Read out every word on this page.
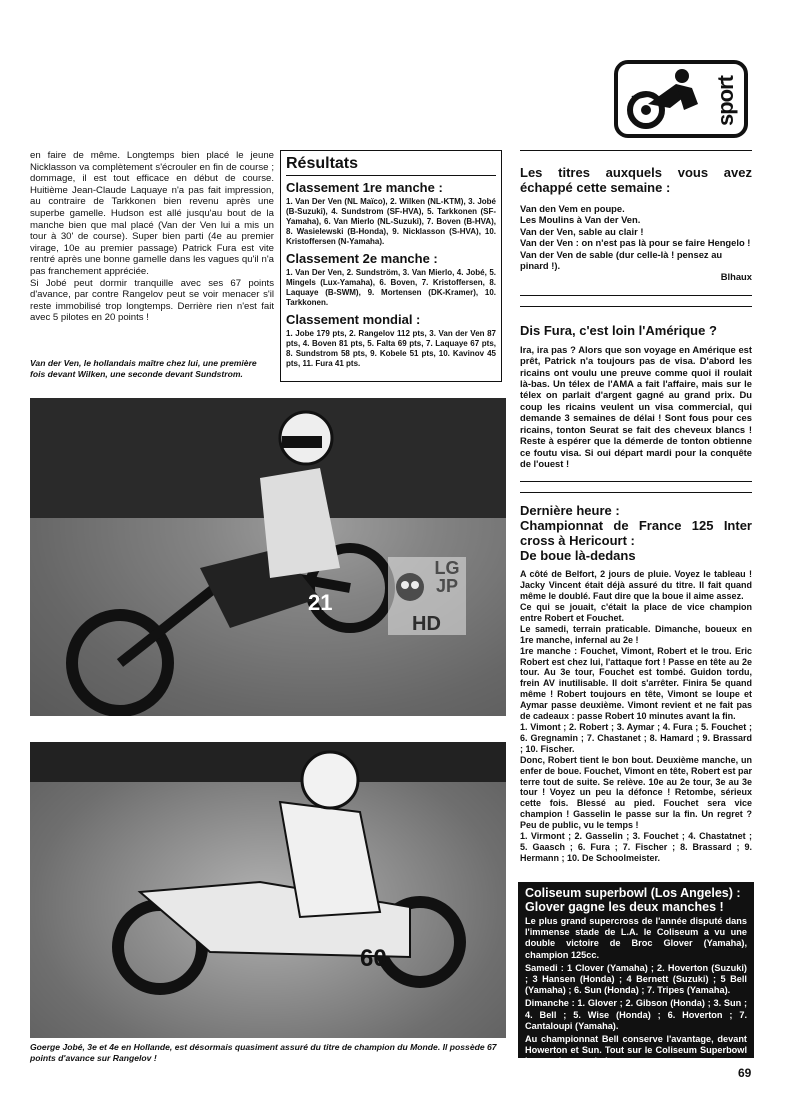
sport

en faire de même. Longtemps bien placé le jeune Nicklasson va complètement s'écrouler en fin de course ; dommage, il est tout efficace en début de course. Huitième Jean-Claude Laquaye n'a pas fait impression, au contraire de Tarkkonen bien revenu après une superbe gamelle. Hudson est allé jusqu'au bout de la manche bien que mal placé (Van der Ven lui a mis un tour à 30' de course). Super bien parti (4e au premier virage, 10e au premier passage) Patrick Fura est vite rentré après une bonne gamelle dans les vagues qu'il n'a pas franchement appréciée.

Si Jobé peut dormir tranquille avec ses 67 points d'avance, par contre Rangelov peut se voir menacer s'il reste immobilisé trop longtemps. Derrière rien n'est fait avec 5 pilotes en 20 points !

Van der Ven, le hollandais maître chez lui, une première fois devant Wilken, une seconde devant Sundstrom.
Résultats
Classement 1re manche :
1. Van Der Ven (NL Maïco), 2. Wilken (NL-KTM), 3. Jobé (B-Suzuki), 4. Sundstrom (SF-HVA), 5. Tarkkonen (SF-Yamaha), 6. Van Mierlo (NL-Suzuki), 7. Boven (B-HVA), 8. Wasielewski (B-Honda), 9. Nicklasson (S-HVA), 10. Kristoffersen (N-Yamaha).
Classement 2e manche :
1. Van Der Ven, 2. Sundström, 3. Van Mierlo, 4. Jobé, 5. Mingels (Lux-Yamaha), 6. Boven, 7. Kristoffersen, 8. Laquaye (B-SWM), 9. Mortensen (DK-Kramer), 10. Tarkkonen.
Classement mondial :
1. Jobe 179 pts, 2. Rangelov 112 pts, 3. Van der Ven 87 pts, 4. Boven 81 pts, 5. Falta 69 pts, 7. Laquaye 67 pts, 8. Sundstrom 58 pts, 9. Kobele 51 pts, 10. Kavinov 45 pts, 11. Fura 41 pts.
21
LG
JP
HD
60
Goerge Jobé, 3e et 4e en Hollande, est désormais quasiment assuré du titre de champion du Monde. Il possède 67 points d'avance sur Rangelov !
Les titres auxquels vous avez échappé cette semaine :
Van den Vem en poupe.
Les Moulins à Van der Ven.
Van der Ven, sable au clair !
Van der Ven : on n'est pas là pour se faire Hengelo !
Van der Ven de sable (dur celle-là ! pensez au pinard !).
Blhaux
Dis Fura, c'est loin l'Amérique ?
Ira, ira pas ? Alors que son voyage en Amérique est prêt, Patrick n'a toujours pas de visa. D'abord les ricains ont voulu une preuve comme quoi il roulait là-bas. Un télex de l'AMA a fait l'affaire, mais sur le télex on parlait d'argent gagné au grand prix. Du coup les ricains veulent un visa commercial, qui demande 3 semaines de délai ! Sont fous pour ces ricains, tonton Seurat se fait des cheveux blancs ! Reste à espérer que la démerde de tonton obtienne ce foutu visa. Si oui départ mardi pour la conquête de l'ouest !
Dernière heure :
Championnat de France 125 Inter cross à Hericourt :
De boue là-dedans
A côté de Belfort, 2 jours de pluie. Voyez le tableau ! Jacky Vincent était déjà assuré du titre. Il fait quand même le doublé. Faut dire que la boue il aime assez.
Ce qui se jouait, c'était la place de vice champion entre Robert et Fouchet.
Le samedi, terrain praticable. Dimanche, boueux en 1re manche, infernal au 2e !
1re manche : Fouchet, Vimont, Robert et le trou. Eric Robert est chez lui, l'attaque fort ! Passe en tête au 2e tour. Au 3e tour, Fouchet est tombé. Guidon tordu, frein AV inutilisable. Il doit s'arrêter. Finira 5e quand même ! Robert toujours en tête, Vimont se loupe et Aymar passe deuxième. Vimont revient et ne fait pas de cadeaux : passe Robert 10 minutes avant la fin.
1. Vimont ; 2. Robert ; 3. Aymar ; 4. Fura ; 5. Fouchet ; 6. Gregnamin ; 7. Chastanet ; 8. Hamard ; 9. Brassard ; 10. Fischer.
Donc, Robert tient le bon bout. Deuxième manche, un enfer de boue. Fouchet, Vimont en tête, Robert est par terre tout de suite. Se relève. 10e au 2e tour, 3e au 3e tour ! Voyez un peu la défonce ! Retombe, sérieux cette fois. Blessé au pied. Fouchet sera vice champion ! Gasselin le passe sur la fin. Un regret ? Peu de public, vu le temps !
1. Virmont ; 2. Gasselin ; 3. Fouchet ; 4. Chastatnet ; 5. Gaasch ; 6. Fura ; 7. Fischer ; 8. Brassard ; 9. Hermann ; 10. De Schoolmeister.
Coliseum superbowl (Los Angeles) :
Glover gagne les deux manches !
Le plus grand supercross de l'année disputé dans l'immense stade de L.A. le Coliseum a vu une double victoire de Broc Glover (Yamaha), champion 125cc.
Samedi : 1 Clover (Yamaha) ; 2. Hoverton (Suzuki) ; 3 Hansen (Honda) ; 4 Bernett (Suzuki) ; 5 Bell (Yamaha) ; 6. Sun (Honda) ; 7. Tripes (Yamaha).
Dimanche : 1. Glover ; 2. Gibson (Honda) ; 3. Sun ; 4. Bell ; 5. Wise (Honda) ; 6. Hoverton ; 7. Cantaloupi (Yamaha).
Au championnat Bell conserve l'avantage, devant Howerton et Sun. Tout sur le Coliseum Superbowl la semaine prochaine...
69
